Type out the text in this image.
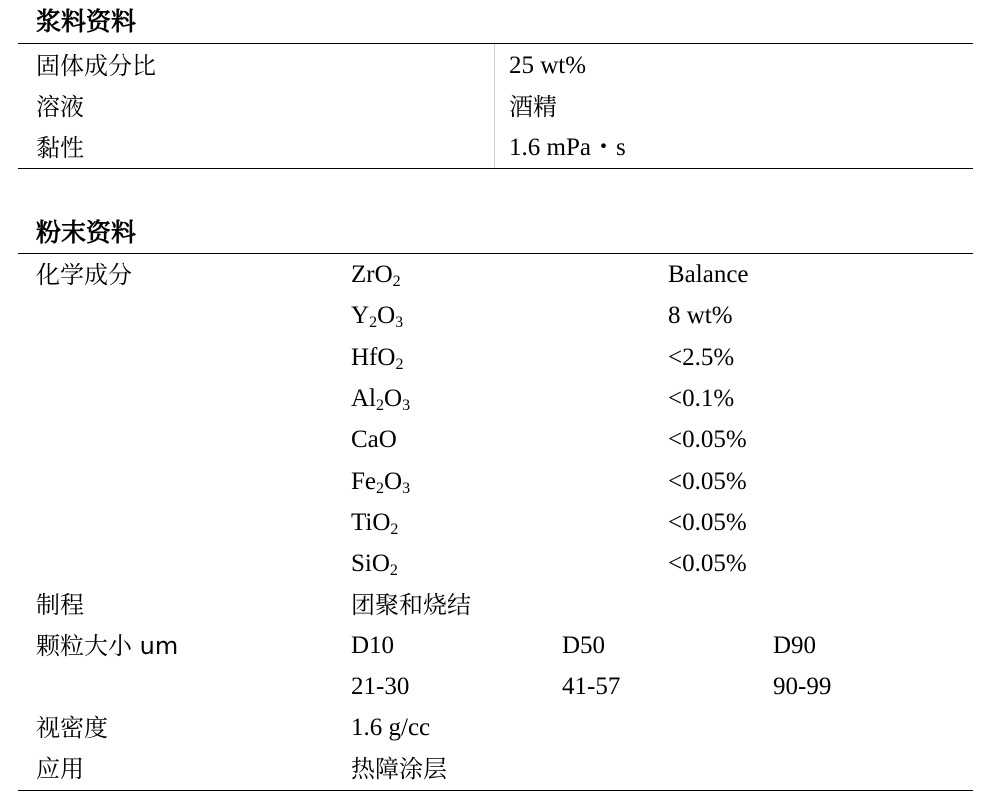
浆料资料
固体成分比	25 wt%
溶液	酒精
黏性	1.6 mPa・s
粉末资料
化学成分	ZrO$_2$	Balance
$Y_2O_3$	8 wt%
HfO$_2$	<2.5%
$Al_2O_3$	<0.1%
CaO	<0.05%
$Fe_2O_3$	<0.05%
TiO$_2$	<0.05%
SiO$_2$	<0.05%
制程	团聚和烧结
颗粒大小 um	D10	D50	D90
21-30	41-57	90-99
视密度	1.6 g/cc
应用	热障涂层
